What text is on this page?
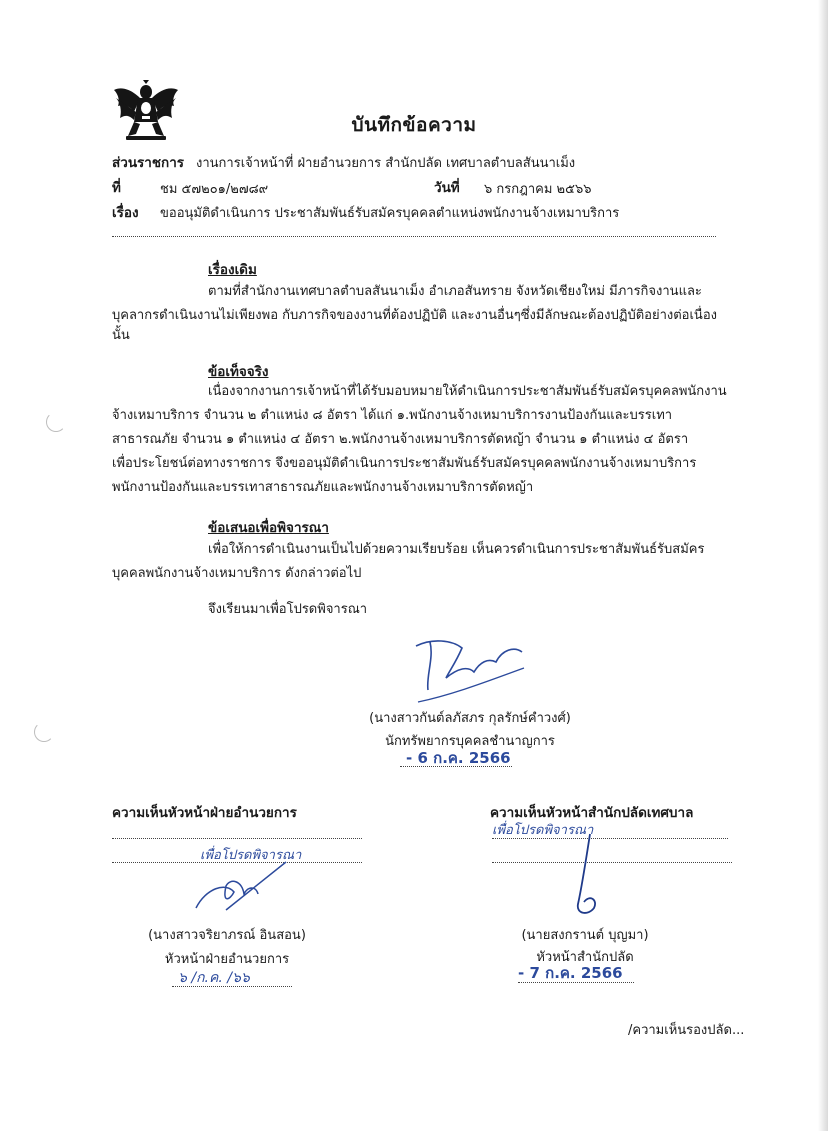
บันทึกข้อความ
ส่วนราชการ งานการเจ้าหน้าที่ ฝ่ายอำนวยการ สำนักปลัด เทศบาลตำบลสันนาเม็ง
ที่	ชม ๕๗๒๐๑/๒๗๘๙	วันที่ ๖ กรกฎาคม ๒๕๖๖
เรื่อง ขออนุมัติดำเนินการ ประชาสัมพันธ์รับสมัครบุคคลตำแหน่งพนักงานจ้างเหมาบริการ
เรื่องเดิม
ตามที่สำนักงานเทศบาลตำบลสันนาเม็ง อำเภอสันทราย จังหวัดเชียงใหม่ มีภารกิจงานและ
บุคลากรดำเนินงานไม่เพียงพอ กับภารกิจของงานที่ต้องปฏิบัติ และงานอื่นๆซึ่งมีลักษณะต้องปฏิบัติอย่างต่อเนื่อง
นั้น
ข้อเท็จจริง
เนื่องจากงานการเจ้าหน้าที่ได้รับมอบหมายให้ดำเนินการประชาสัมพันธ์รับสมัครบุคคลพนักงาน
จ้างเหมาบริการ จำนวน ๒ ตำแหน่ง ๘ อัตรา ได้แก่ ๑.พนักงานจ้างเหมาบริการงานป้องกันและบรรเทา
สาธารณภัย จำนวน ๑ ตำแหน่ง ๔ อัตรา ๒.พนักงานจ้างเหมาบริการตัดหญ้า จำนวน ๑ ตำแหน่ง ๔ อัตรา
เพื่อประโยชน์ต่อทางราชการ จึงขออนุมัติดำเนินการประชาสัมพันธ์รับสมัครบุคคลพนักงานจ้างเหมาบริการ
พนักงานป้องกันและบรรเทาสาธารณภัยและพนักงานจ้างเหมาบริการตัดหญ้า
ข้อเสนอเพื่อพิจารณา
เพื่อให้การดำเนินงานเป็นไปด้วยความเรียบร้อย เห็นควรดำเนินการประชาสัมพันธ์รับสมัคร
บุคคลพนักงานจ้างเหมาบริการ ดังกล่าวต่อไป
จึงเรียนมาเพื่อโปรดพิจารณา
(นางสาวกันต์ลภัสภร กุลรักษ์คำวงศ์)
นักทรัพยากรบุคคลชำนาญการ
- 6 ก.ค. 2566
ความเห็นหัวหน้าฝ่ายอำนวยการ
เพื่อโปรดพิจารณา
(นางสาวจริยาภรณ์ อินสอน)
หัวหน้าฝ่ายอำนวยการ
๖ /ก.ค. /๖๖
ความเห็นหัวหน้าสำนักปลัดเทศบาล
เพื่อโปรดพิจารณา
(นายสงกรานต์ บุญมา)
หัวหน้าสำนักปลัด
- 7 ก.ค. 2566
/ความเห็นรองปลัด...
